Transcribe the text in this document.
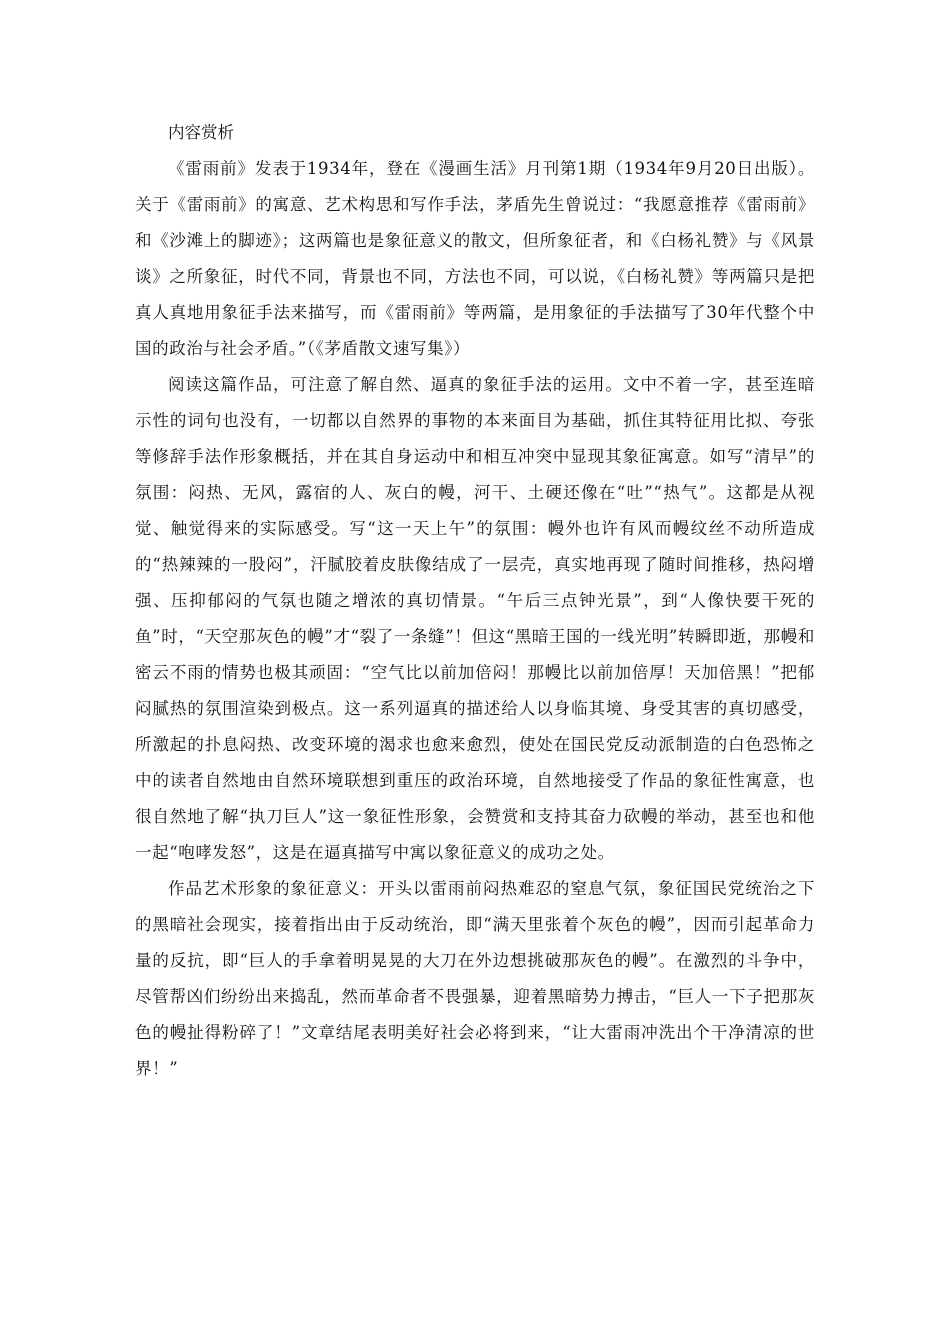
内容赏析

《雷雨前》发表于1934年，登在《漫画生活》月刊第1期（1934年9月20日出版）。关于《雷雨前》的寓意、艺术构思和写作手法，茅盾先生曾说过：“我愿意推荐《雷雨前》和《沙滩上的脚迹》；这两篇也是象征意义的散文，但所象征者，和《白杨礼赞》与《风景谈》之所象征，时代不同，背景也不同，方法也不同，可以说，《白杨礼赞》等两篇只是把真人真地用象征手法来描写，而《雷雨前》等两篇，是用象征的手法描写了30年代整个中国的政治与社会矛盾。”（《茅盾散文速写集》）

阅读这篇作品，可注意了解自然、逼真的象征手法的运用。文中不着一字，甚至连暗示性的词句也没有，一切都以自然界的事物的本来面目为基础，抓住其特征用比拟、夸张等修辞手法作形象概括，并在其自身运动中和相互冲突中显现其象征寓意。如写“清早”的氛围：闷热、无风，露宿的人、灰白的幔，河干、土硬还像在“吐”“热气”。这都是从视觉、触觉得来的实际感受。写“这一天上午”的氛围：幔外也许有风而幔纹丝不动所造成的“热辣辣的一股闷”，汗腻胶着皮肤像结成了一层壳，真实地再现了随时间推移，热闷增强、压抑郁闷的气氛也随之增浓的真切情景。“午后三点钟光景”，到“人像快要干死的鱼”时，“天空那灰色的幔”才“裂了一条缝”！但这“黑暗王国的一线光明”转瞬即逝，那幔和密云不雨的情势也极其顽固：“空气比以前加倍闷！那幔比以前加倍厚！天加倍黑！”把郁闷腻热的氛围渲染到极点。这一系列逼真的描述给人以身临其境、身受其害的真切感受，所激起的扑息闷热、改变环境的渴求也愈来愈烈，使处在国民党反动派制造的白色恐怖之中的读者自然地由自然环境联想到重压的政治环境，自然地接受了作品的象征性寓意，也很自然地了解“执刀巨人”这一象征性形象，会赞赏和支持其奋力砍幔的举动，甚至也和他一起“咆哮发怒”，这是在逼真描写中寓以象征意义的成功之处。

作品艺术形象的象征意义：开头以雷雨前闷热难忍的窒息气氛，象征国民党统治之下的黑暗社会现实，接着指出由于反动统治，即“满天里张着个灰色的幔”，因而引起革命力量的反抗，即“巨人的手拿着明晃晃的大刀在外边想挑破那灰色的幔”。在激烈的斗争中，尽管帮凶们纷纷出来捣乱，然而革命者不畏强暴，迎着黑暗势力搏击，“巨人一下子把那灰色的幔扯得粉碎了！”文章结尾表明美好社会必将到来，“让大雷雨冲洗出个干净清凉的世界！”
